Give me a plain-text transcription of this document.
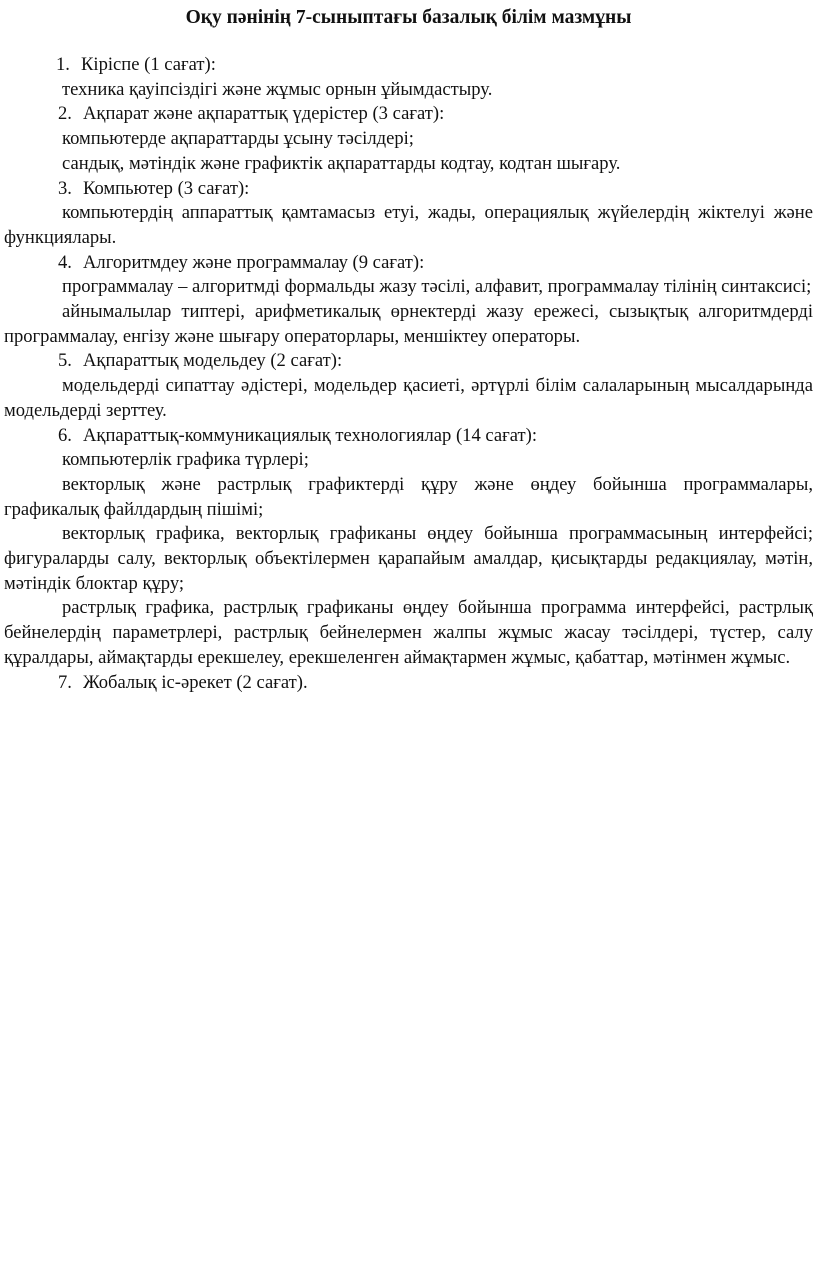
Оқу пәнінің 7-сыныптағы базалық білім мазмұны

1. Кіріспе (1 сағат):

техника қауіпсіздігі және жұмыс орнын ұйымдастыру.

2. Ақпарат және ақпараттық үдерістер (3 сағат):

компьютерде ақпараттарды ұсыну тәсілдері;

сандық, мәтіндік және графиктік ақпараттарды кодтау, кодтан шығару.

3. Компьютер (3 сағат):

компьютердің аппараттық қамтамасыз етуі, жады, операциялық жүйелердің жіктелуі және функциялары.

4. Алгоритмдеу және программалау (9 сағат):

программалау – алгоритмді формальды жазу тәсілі, алфавит, программалау тілінің синтаксисі;

айнымалылар типтері, арифметикалық өрнектерді жазу ережесі, сызықтық алгоритмдерді программалау, енгізу және шығару операторлары, меншіктеу операторы.

5. Ақпараттық модельдеу (2 сағат):

модельдерді сипаттау әдістері, модельдер қасиеті, әртүрлі білім салаларының мысалдарында модельдерді зерттеу.

6. Ақпараттық-коммуникациялық технологиялар (14 сағат):

компьютерлік графика түрлері;

векторлық және растрлық графиктерді құру және өңдеу бойынша программалары, графикалық файлдардың пішімі;

векторлық графика, векторлық графиканы өңдеу бойынша программасының интерфейсі; фигураларды салу, векторлық объектілермен қарапайым амалдар, қисықтарды редакциялау, мәтін, мәтіндік блоктар құру;

растрлық графика, растрлық графиканы өңдеу бойынша программа интерфейсі, растрлық бейнелердің параметрлері, растрлық бейнелермен жалпы жұмыс жасау тәсілдері, түстер, салу құралдары, аймақтарды ерекшелеу, ерекшеленген аймақтармен жұмыс, қабаттар, мәтінмен жұмыс.

7. Жобалық іс-әрекет (2 сағат).
